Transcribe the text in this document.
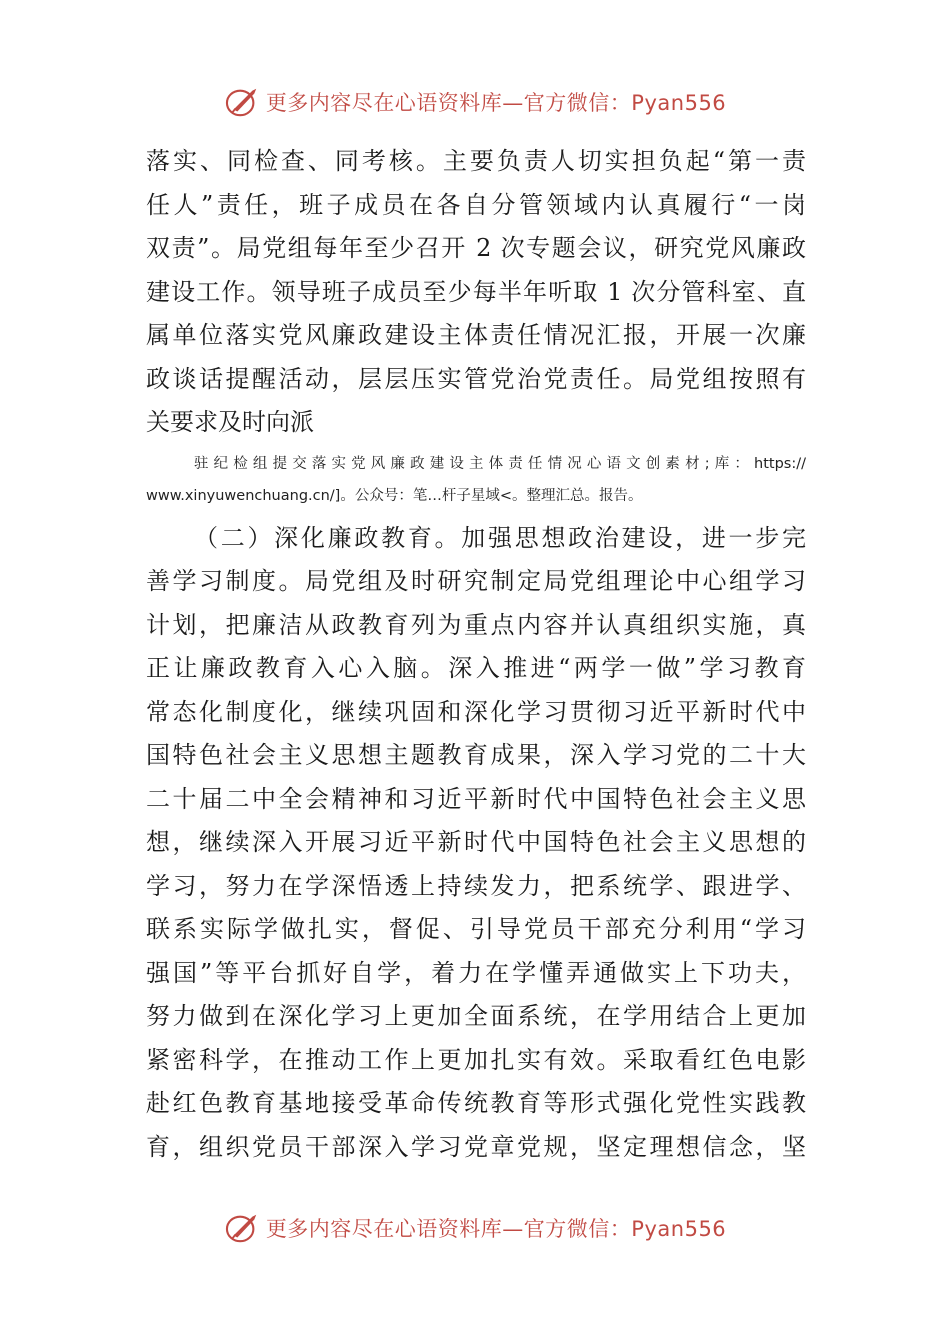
更多内容尽在心语资料库—官方微信：Pyan556
落实、同检查、同考核。主要负责人切实担负起“第一责
任人”责任，班子成员在各自分管领域内认真履行“一岗
双责”。局党组每年至少召开 2 次专题会议，研究党风廉政
建设工作。领导班子成员至少每半年听取 1 次分管科室、直
属单位落实党风廉政建设主体责任情况汇报，开展一次廉
政谈话提醒活动，层层压实管党治党责任。局党组按照有
关要求及时向派
驻纪检组提交落实党风廉政建设主体责任情况心语文创素材;库：https://
www.xinyuwenchuang.cn/]。公众号：笔…杆子星域<。整理汇总。报告。
（二）深化廉政教育。加强思想政治建设，进一步完
善学习制度。局党组及时研究制定局党组理论中心组学习
计划，把廉洁从政教育列为重点内容并认真组织实施，真
正让廉政教育入心入脑。深入推进“两学一做”学习教育
常态化制度化，继续巩固和深化学习贯彻习近平新时代中
国特色社会主义思想主题教育成果，深入学习党的二十大
二十届二中全会精神和习近平新时代中国特色社会主义思
想，继续深入开展习近平新时代中国特色社会主义思想的
学习，努力在学深悟透上持续发力，把系统学、跟进学、
联系实际学做扎实，督促、引导党员干部充分利用“学习
强国”等平台抓好自学，着力在学懂弄通做实上下功夫，
努力做到在深化学习上更加全面系统，在学用结合上更加
紧密科学，在推动工作上更加扎实有效。采取看红色电影
赴红色教育基地接受革命传统教育等形式强化党性实践教
育，组织党员干部深入学习党章党规，坚定理想信念，坚
更多内容尽在心语资料库—官方微信：Pyan556
